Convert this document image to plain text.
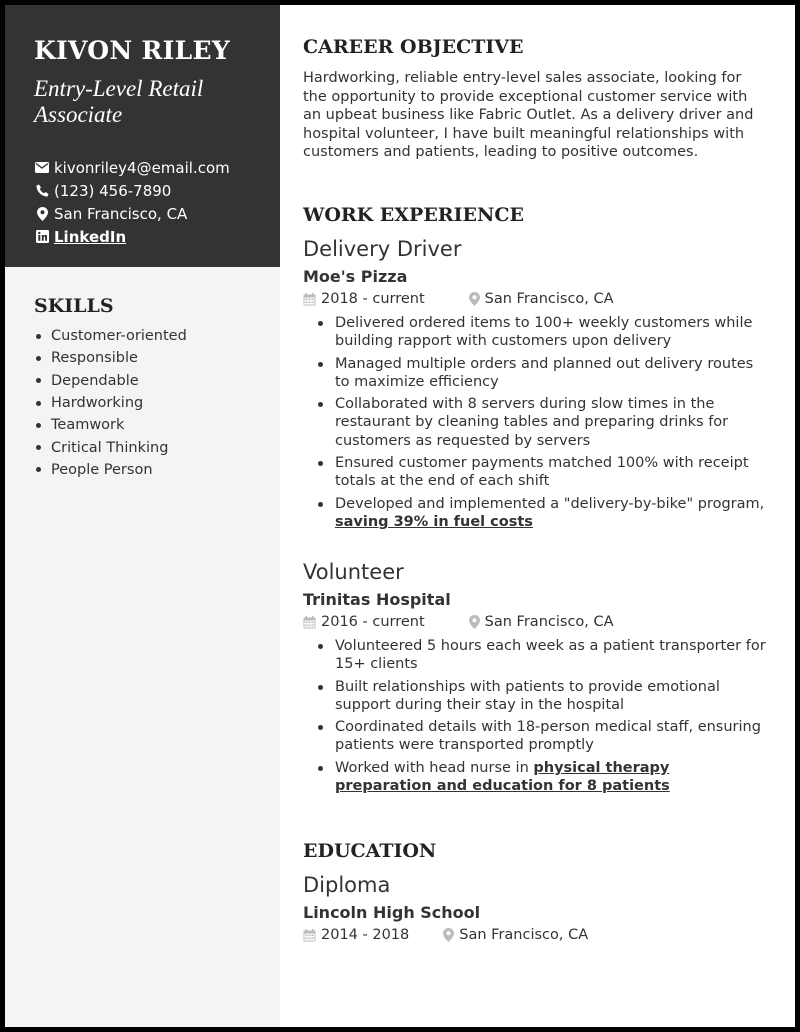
KIVON RILEY
Entry-Level Retail Associate
kivonriley4@email.com
(123) 456-7890
San Francisco, CA
LinkedIn
SKILLS
Customer-oriented
Responsible
Dependable
Hardworking
Teamwork
Critical Thinking
People Person
CAREER OBJECTIVE
Hardworking, reliable entry-level sales associate, looking for the opportunity to provide exceptional customer service with an upbeat business like Fabric Outlet. As a delivery driver and hospital volunteer, I have built meaningful relationships with customers and patients, leading to positive outcomes.
WORK EXPERIENCE
Delivery Driver
Moe's Pizza
2018 - current	San Francisco, CA
Delivered ordered items to 100+ weekly customers while building rapport with customers upon delivery
Managed multiple orders and planned out delivery routes to maximize efficiency
Collaborated with 8 servers during slow times in the restaurant by cleaning tables and preparing drinks for customers as requested by servers
Ensured customer payments matched 100% with receipt totals at the end of each shift
Developed and implemented a "delivery-by-bike" program, saving 39% in fuel costs
Volunteer
Trinitas Hospital
2016 - current	San Francisco, CA
Volunteered 5 hours each week as a patient transporter for 15+ clients
Built relationships with patients to provide emotional support during their stay in the hospital
Coordinated details with 18-person medical staff, ensuring patients were transported promptly
Worked with head nurse in physical therapy preparation and education for 8 patients
EDUCATION
Diploma
Lincoln High School
2014 - 2018	San Francisco, CA
